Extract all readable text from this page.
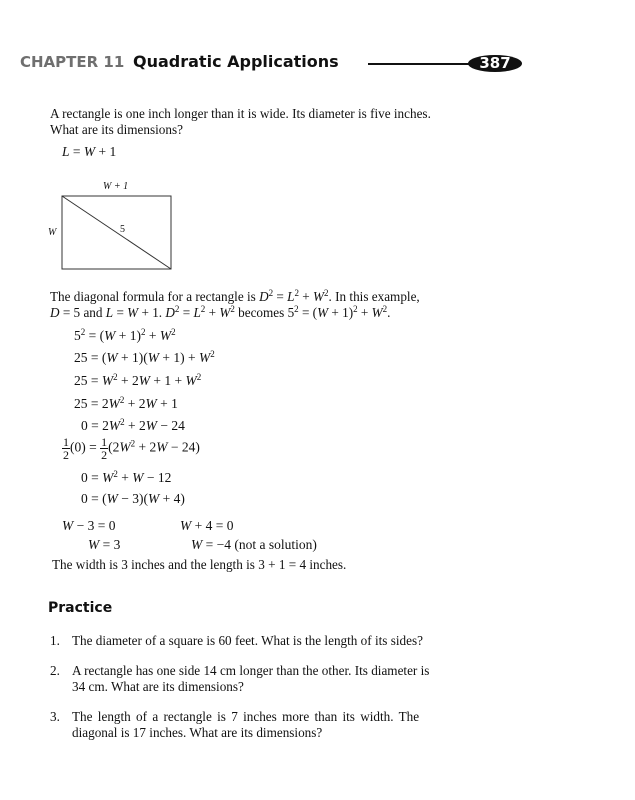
CHAPTER 11 Quadratic Applications	387
A rectangle is one inch longer than it is wide. Its diameter is five inches.
What are its dimensions?
L = W + 1
W + 1
W	5
The diagonal formula for a rectangle is $D^2 = L^2 + W^2$. In this example,
D = 5 and L = W + 1. $D^2 = L^2 + W^2$ becomes $5^2 = (W + 1)^2 + W^2$.
$5^2 = (W + 1)^2 + W^2$
$25 = (W + 1)(W + 1) + W^2$
$25 = W^2 + 2W + 1 + W^2$
$25 = 2W^2 + 2W + 1$
$0 = 2W^2 + 2W - 24$
$\frac{1}{2} (0) = \frac{1}{2} (2W^2 + 2W - 24)$
$0 = W^2 + W - 12$
0 = (W − 3)(W + 4)
W − 3 = 0	W + 4 = 0
W = 3	W = −4 (not a solution)
The width is 3 inches and the length is 3 + 1 = 4 inches.
Practice
1. The diameter of a square is 60 feet. What is the length of its sides?
2. A rectangle has one side 14 cm longer than the other. Its diameter is
34 cm. What are its dimensions?
3. The length of a rectangle is 7 inches more than its width. The
diagonal is 17 inches. What are its dimensions?
